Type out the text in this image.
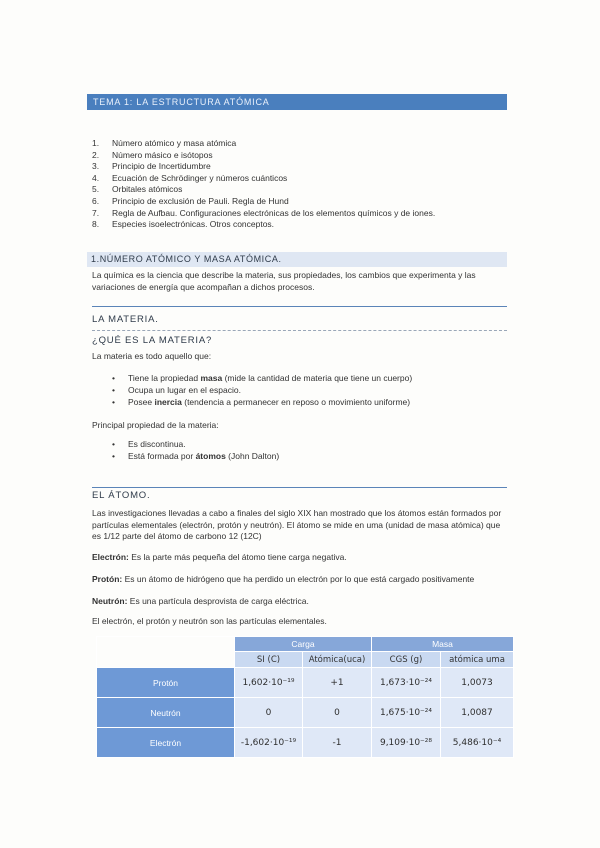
TEMA 1: LA ESTRUCTURA ATÓMICA
1.	Número atómico y masa atómica
2.	Número másico e isótopos
3.	Principio de Incertidumbre
4.	Ecuación de Schrödinger y números cuánticos
5.	Orbitales atómicos
6.	Principio de exclusión de Pauli. Regla de Hund
7.	Regla de Aufbau. Configuraciones electrónicas de los elementos químicos y de iones.
8.	Especies isoelectrónicas. Otros conceptos.
1.NÚMERO ATÓMICO Y MASA ATÓMICA.
La química es la ciencia que describe la materia, sus propiedades, los cambios que experimenta y las variaciones de energía que acompañan a dichos procesos.
LA MATERIA.
¿QUÉ ES LA MATERIA?
La materia es todo aquello que:
• Tiene la propiedad masa (mide la cantidad de materia que tiene un cuerpo)
• Ocupa un lugar en el espacio.
• Posee inercia (tendencia a permanecer en reposo o movimiento uniforme)
Principal propiedad de la materia:
• Es discontinua.
• Está formada por átomos (John Dalton)
EL ÁTOMO.
Las investigaciones llevadas a cabo a finales del siglo XIX han mostrado que los átomos están formados por partículas elementales (electrón, protón y neutrón). El átomo se mide en uma (unidad de masa atómica) que es 1/12 parte del átomo de carbono 12 (12C)
Electrón: Es la parte más pequeña del átomo tiene carga negativa.
Protón: Es un átomo de hidrógeno que ha perdido un electrón por lo que está cargado positivamente
Neutrón: Es una partícula desprovista de carga eléctrica.
El electrón, el protón y neutrón son las partículas elementales.
	Carga		Masa	
	SI (C)	Atómica(uca)	CGS (g)	atómica uma
Protón	1,602·10⁻¹⁹	+1	1,673·10⁻²⁴	1,0073
Neutrón	0	0	1,675·10⁻²⁴	1,0087
Electrón	-1,602·10⁻¹⁹	-1	9,109·10⁻²⁸	5,486·10⁻⁴
